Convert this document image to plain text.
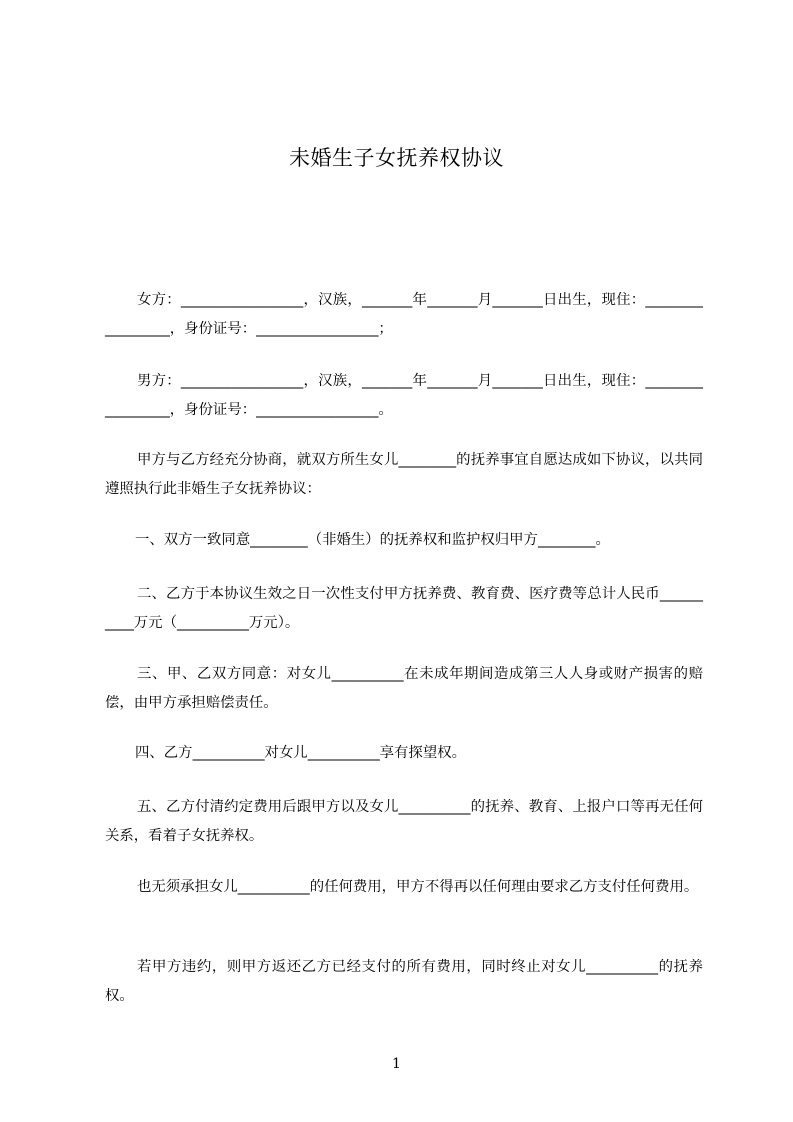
未婚生子女抚养权协议
女方：_________________，汉族，_______年_______月_______日出生，现住：_________________，身份证号：_________________；
男方：_________________，汉族，_______年_______月_______日出生，现住：_________________，身份证号：_________________。
甲方与乙方经充分协商，就双方所生女儿________的抚养事宜自愿达成如下协议，以共同遵照执行此非婚生子女抚养协议：
一、双方一致同意________（非婚生）的抚养权和监护权归甲方________。
二、乙方于本协议生效之日一次性支付甲方抚养费、教育费、医疗费等总计人民币__________万元（__________万元）。
三、甲、乙双方同意：对女儿__________在未成年期间造成第三人人身或财产损害的赔偿，由甲方承担赔偿责任。
四、乙方__________对女儿__________享有探望权。
五、乙方付清约定费用后跟甲方以及女儿__________的抚养、教育、上报户口等再无任何关系，看着子女抚养权。
也无须承担女儿__________的任何费用，甲方不得再以任何理由要求乙方支付任何费用。
若甲方违约，则甲方返还乙方已经支付的所有费用，同时终止对女儿__________的抚养权。
1
